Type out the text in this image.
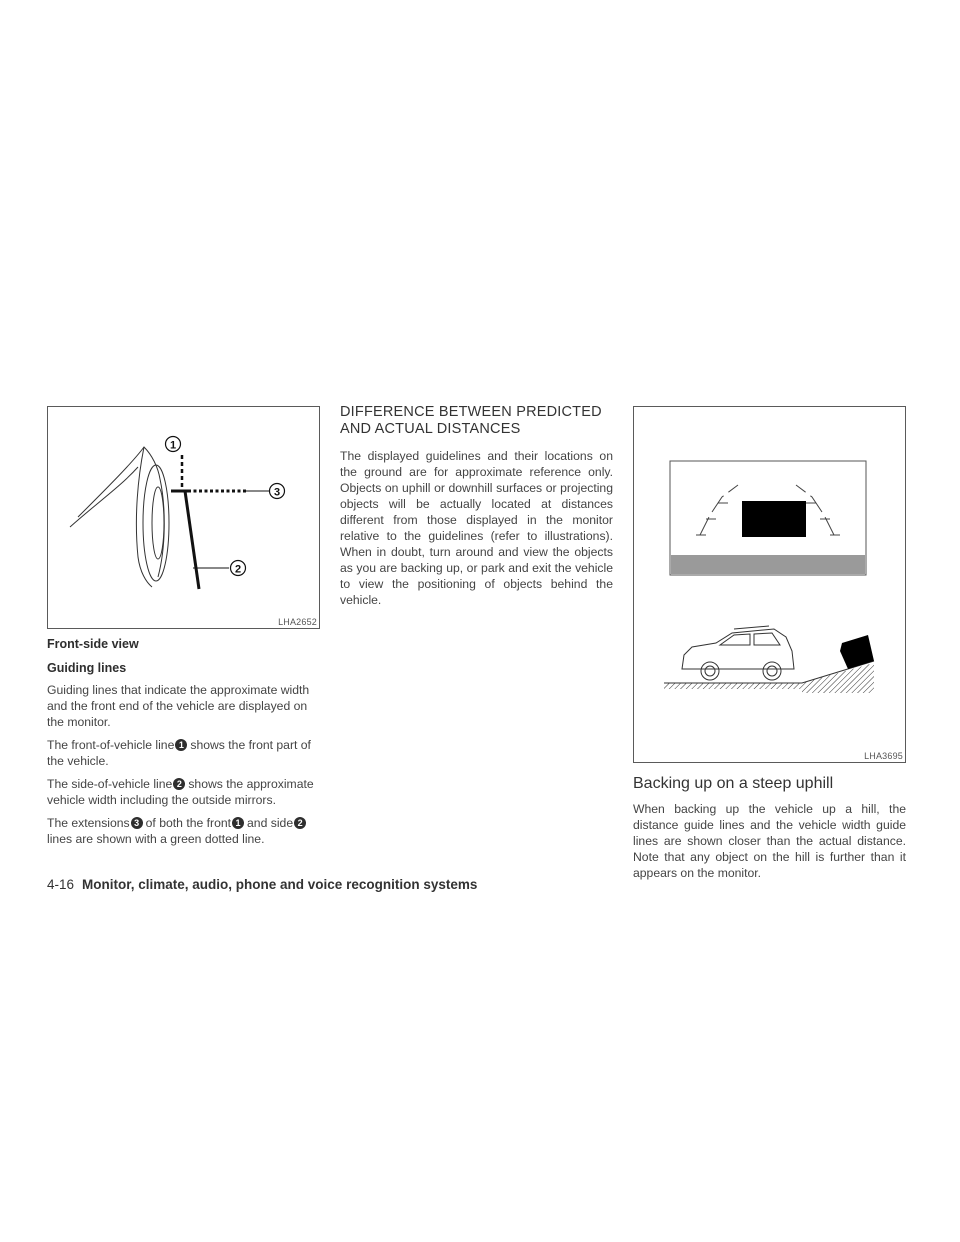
1
3
2
LHA2652
Front-side view
Guiding lines

Guiding lines that indicate the approximate width and the front end of the vehicle are displayed on the monitor.

The front-of-vehicle line 1 shows the front part of the vehicle.

The side-of-vehicle line 2 shows the approximate vehicle width including the outside mirrors.

The extensions 3 of both the front 1 and side 2lines are shown with a green dotted line.

DIFFERENCE BETWEEN PREDICTED AND ACTUAL DISTANCES

The displayed guidelines and their locations on the ground are for approximate reference only. Objects on uphill or downhill surfaces or projecting objects will be actually located at distances different from those displayed in the monitor relative to the guidelines (refer to illustrations). When in doubt, turn around and view the objects as you are backing up, or park and exit the vehicle to view the positioning of objects behind the vehicle.

LHA3695
Backing up on a steep uphill

When backing up the vehicle up a hill, the distance guide lines and the vehicle width guide lines are shown closer than the actual distance. Note that any object on the hill is further than it appears on the monitor.

4-16 Monitor, climate, audio, phone and voice recognition systems
